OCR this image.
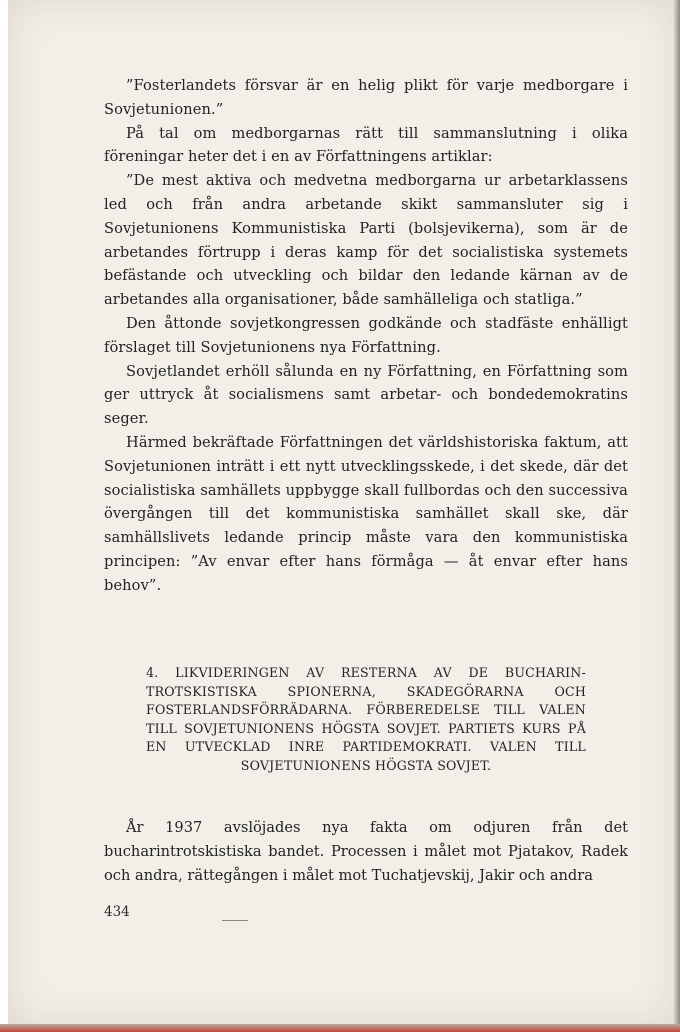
”Fosterlandets försvar är en helig plikt för varje medborgare i Sovjetunionen.”

På tal om medborgarnas rätt till sammanslutning i olika föreningar heter det i en av Författningens artiklar:

”De mest aktiva och medvetna medborgarna ur arbetarklassens led och från andra arbetande skikt sammansluter sig i Sovjetunionens Kommunistiska Parti (bolsjevikerna), som är de arbetandes förtrupp i deras kamp för det socialistiska systemets befästande och utveckling och bildar den ledande kärnan av de arbetandes alla organisationer, både samhälleliga och statliga.”

Den åttonde sovjetkongressen godkände och stadfäste enhälligt förslaget till Sovjetunionens nya Författning.

Sovjetlandet erhöll sålunda en ny Författning, en Författning som ger uttryck åt socialismens samt arbetar- och bondedemokratins seger.

Härmed bekräftade Författningen det världshistoriska faktum, att Sovjetunionen inträtt i ett nytt utvecklingsskede, i det skede, där det socialistiska samhällets uppbygge skall fullbordas och den successiva övergången till det kommunistiska samhället skall ske, där samhällslivets ledande princip måste vara den kommunistiska principen: ”Av envar efter hans förmåga — åt envar efter hans behov”.

4. LIKVIDERINGEN AV RESTERNA AV DE BUCHARIN-TROTSKISTISKA SPIONERNA, SKADEGÖRARNA OCH FOSTERLANDSFÖRRÄDARNA. FÖRBEREDELSE TILL VALEN TILL SOVJETUNIONENS HÖGSTA SOVJET. PARTIETS KURS PÅ EN UTVECKLAD INRE PARTIDEMOKRATI. VALEN TILL SOVJETUNIONENS HÖGSTA SOVJET.

År 1937 avslöjades nya fakta om odjuren från det bucharintrotskistiska bandet. Processen i målet mot Pjatakov, Radek och andra, rättegången i målet mot Tuchatjevskij, Jakir och andra

434
